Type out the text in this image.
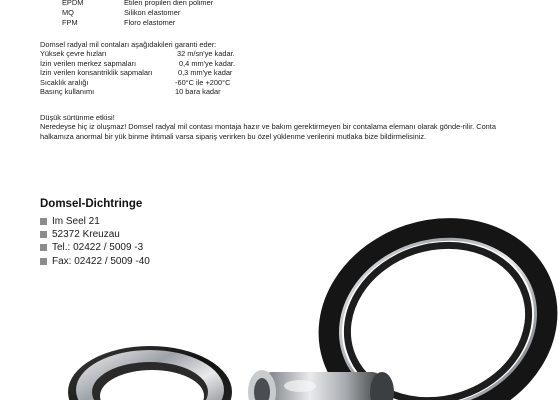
EPDM	Etilen propilen dien polimer
MQ	Silikon elastomer
FPM	Floro elastomer
Domsel radyal mil contaları aşağıdakileri garanti eder:
Yüksek çevre hızları	32 m/sn'ye kadar.
İzin verilen merkez sapmaları	0,4 mm'ye kadar.
İzin verilen konsantriklik sapmaları	0,3 mm'ye kadar
Sıcaklık aralığı	-60°C ile +200°C
Basınç kullanımı	10 bara kadar

Düşük sürtünme etkisi!

Neredeyse hiç iz oluşmaz! Domsel radyal mil contası montaja hazır ve bakım gerektirmeyen bir contalama elemanı olarak gönde-rilir. Conta halkamıza anormal bir yük binme ihtimali varsa sipariş verirken bu özel yüklenme verilerini mutlaka bize bildirmelisiniz.

Domsel-Dichtringe
Im Seel 21
52372 Kreuzau
Tel.: 02422 / 5009 -3
Fax: 02422 / 5009 -40
